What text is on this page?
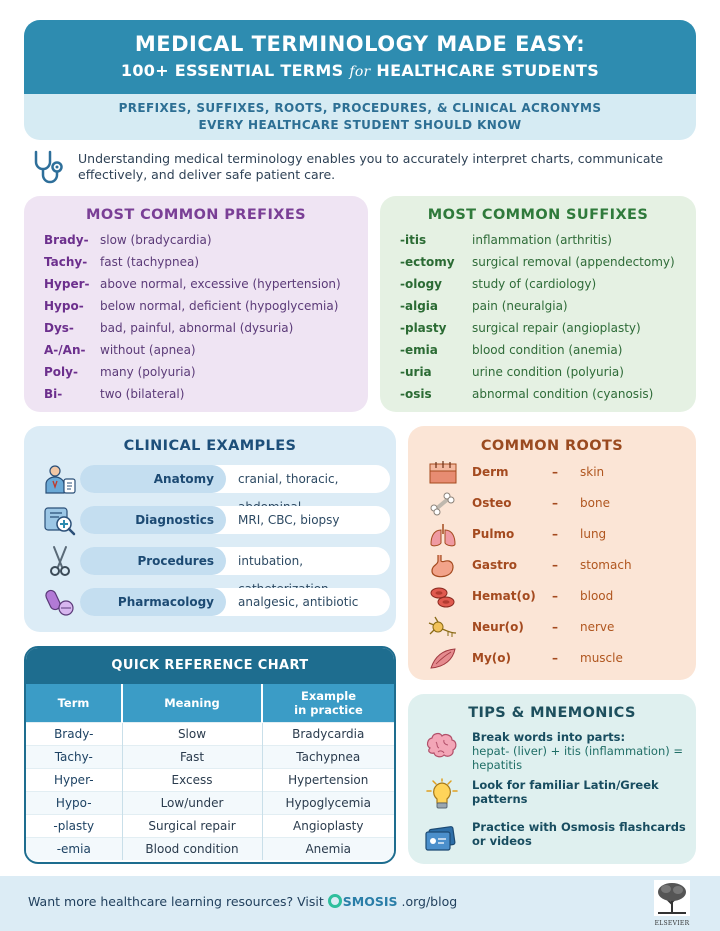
MEDICAL TERMINOLOGY MADE EASY:
100+ ESSENTIAL TERMS for HEALTHCARE STUDENTS
PREFIXES, SUFFIXES, ROOTS, PROCEDURES, & CLINICAL ACRONYMS
EVERY HEALTHCARE STUDENT SHOULD KNOW
Understanding medical terminology enables you to accurately interpret charts, communicate effectively, and deliver safe patient care.
MOST COMMON PREFIXES
Brady- slow (bradycardia)
Tachy- fast (tachypnea)
Hyper- above normal, excessive (hypertension)
Hypo- below normal, deficient (hypoglycemia)
Dys- bad, painful, abnormal (dysuria)
A-/An- without (apnea)
Poly- many (polyuria)
Bi-	two (bilateral)
MOST COMMON SUFFIXES
-itis	inflammation (arthritis)
-ectomy surgical removal (appendectomy)
-ology	study of (cardiology)
-algia	pain (neuralgia)
-plasty surgical repair (angioplasty)
-emia	blood condition (anemia)
-uria	urine condition (polyuria)
-osis	abnormal condition (cyanosis)
CLINICAL EXAMPLES
Anatomy	cranial, thoracic,
Diagnostics	MRI, CBC, biopsy
Procedures	intubation,
Pharmacology	analgesic, antibiotic
COMMON ROOTS
Derm	– skin
Osteo	– bone
Pulmo	– lung
Gastro	– stomach
Hemat(o) – blood
Neur(o) – nerve
My(o)	– muscle
QUICK REFERENCE CHART
Term	Meaning	Example
in practice

Brady-	Slow	Bradycardia
Tachy-	Fast	Tachypnea
Hyper-	Excess	Hypertension
Hypo-	Low/under	Hypoglycemia
-plasty	Surgical repair	Angioplasty
-emia	Blood condition	Anemia
TIPS & MNEMONICS
Break words into parts:
hepat- (liver) + itis (inflammation) = hepatitis
Look for familiar Latin/Greek patterns
Practice with Osmosis flashcards or videos
Want more healthcare learning resources? Visit SMOSIS .org/blog
ELSEVIER
